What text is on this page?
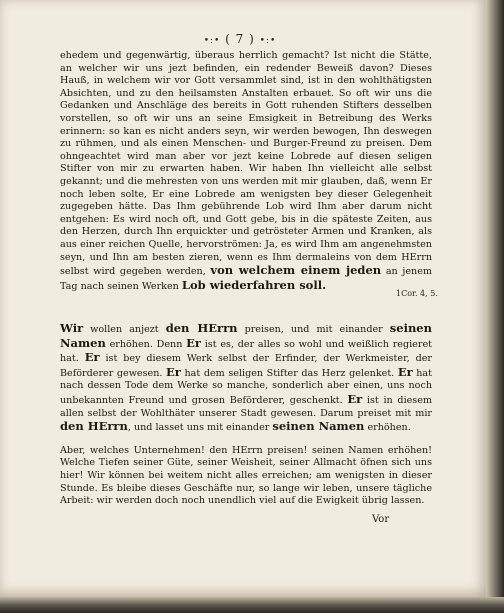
•:• ( 7 ) •:•

ehedem und gegenwärtig, überaus herrlich gemacht? Ist nicht die Stätte, an welcher wir uns jezt befinden, ein redender Beweiß davon? Dieses Hauß, in welchem wir vor Gott versammlet sind, ist in den wohlthätigsten Absichten, und zu den heilsamsten Anstalten erbauet. So oft wir uns die Gedanken und Anschläge des bereits in Gott ruhenden Stifters desselben vorstellen, so oft wir uns an seine Emsigkeit in Betreibung des Werks erinnern: so kan es nicht anders seyn, wir werden bewogen, Ihn deswegen zu rühmen, und als einen Menschen- und Burger-Freund zu preisen. Dem ohngeachtet wird man aber vor jezt keine Lobrede auf diesen seligen Stifter von mir zu erwarten haben. Wir haben Ihn vielleicht alle selbst gekannt; und die mehresten von uns werden mit mir glauben, daß, wenn Er noch leben solte, Er eine Lobrede am wenigsten bey dieser Gelegenheit zugegeben hätte. Das Ihm gebührende Lob wird Ihm aber darum nicht entgehen: Es wird noch oft, und Gott gebe, bis in die späteste Zeiten, aus den Herzen, durch Ihn erquickter und getrösteter Armen und Kranken, als aus einer reichen Quelle, hervorströmen: Ja, es wird Ihm am angenehmsten seyn, und Ihn am besten zieren, wenn es Ihm dermaleins von dem HErrn selbst wird gegeben werden, von welchem einem jeden an jenem Tag nach seinen Werken Lob wiederfahren soll.

Wir wollen anjezt den HErrn preisen, und mit einander seinen Namen erhöhen. Denn Er ist es, der alles so wohl und weißlich regieret hat. Er ist bey diesem Werk selbst der Erfinder, der Werkmeister, der Beförderer gewesen. Er hat dem seligen Stifter das Herz gelenket. Er hat nach dessen Tode dem Werke so manche, sonderlich aber einen, uns noch unbekannten Freund und grosen Beförderer, geschenkt. Er ist in diesem allen selbst der Wohlthäter unserer Stadt gewesen. Darum preiset mit mir den HErrn, und lasset uns mit einander seinen Namen erhöhen.

Aber, welches Unternehmen! den HErrn preisen! seinen Namen erhöhen! Welche Tiefen seiner Güte, seiner Weisheit, seiner Allmacht öfnen sich uns hier! Wir können bei weitem nicht alles erreichen; am wenigsten in dieser Stunde. Es bleibe dieses Geschäfte nur, so lange wir leben, unsere tägliche Arbeit: wir werden doch noch unendlich viel auf die Ewigkeit übrig lassen.

1Cor. 4, 5.
Vor
